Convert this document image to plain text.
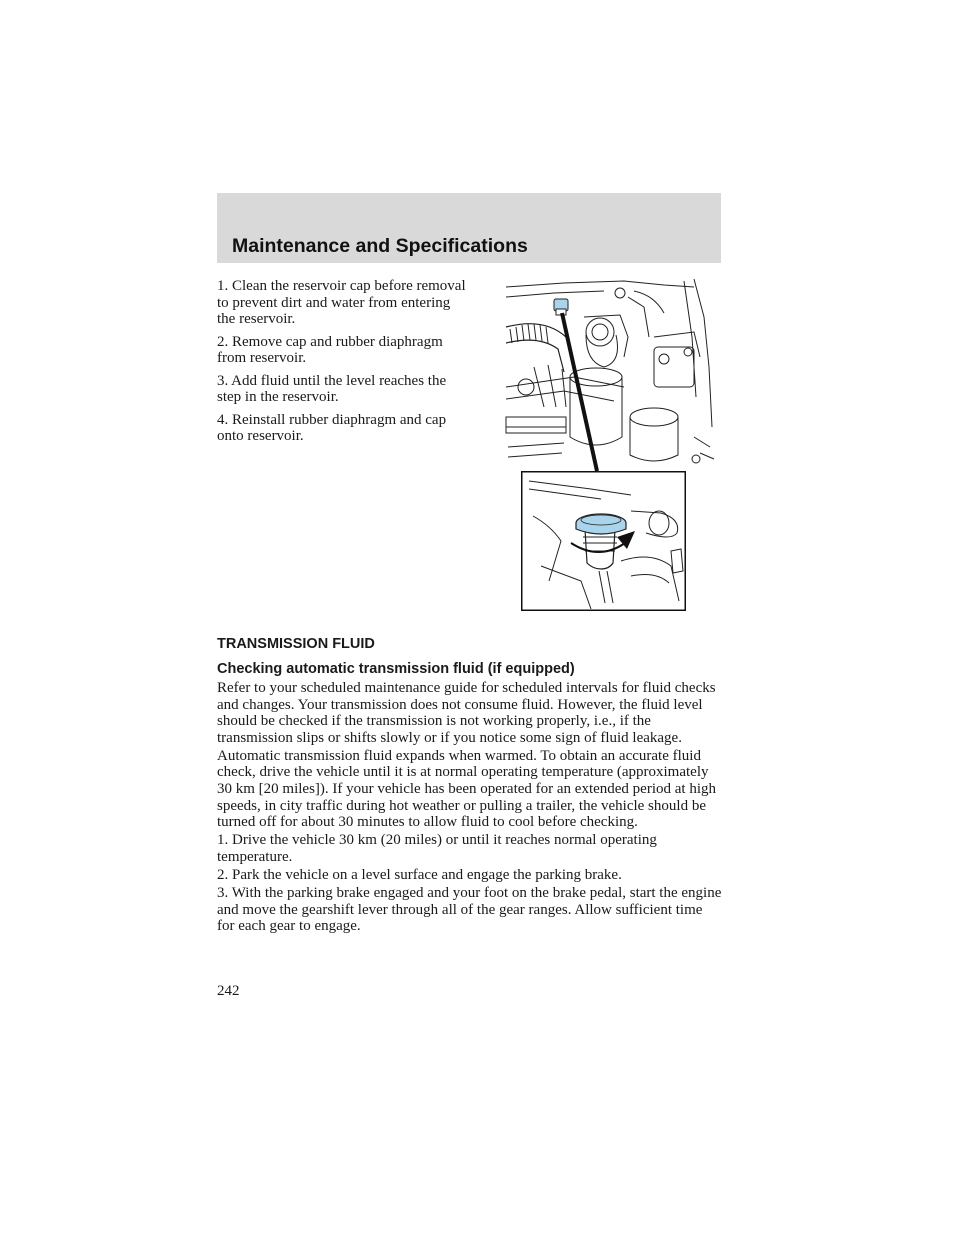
Maintenance and Specifications

1. Clean the reservoir cap before removal to prevent dirt and water from entering the reservoir.

2. Remove cap and rubber diaphragm from reservoir.

3. Add fluid until the level reaches the step in the reservoir.

4. Reinstall rubber diaphragm and cap onto reservoir.

TRANSMISSION FLUID
Checking automatic transmission fluid (if equipped)

Refer to your scheduled maintenance guide for scheduled intervals for fluid checks and changes. Your transmission does not consume fluid. However, the fluid level should be checked if the transmission is not working properly, i.e., if the transmission slips or shifts slowly or if you notice some sign of fluid leakage.

Automatic transmission fluid expands when warmed. To obtain an accurate fluid check, drive the vehicle until it is at normal operating temperature (approximately 30 km [20 miles]). If your vehicle has been operated for an extended period at high speeds, in city traffic during hot weather or pulling a trailer, the vehicle should be turned off for about 30 minutes to allow fluid to cool before checking.

1. Drive the vehicle 30 km (20 miles) or until it reaches normal operating temperature.

2. Park the vehicle on a level surface and engage the parking brake.

3. With the parking brake engaged and your foot on the brake pedal, start the engine and move the gearshift lever through all of the gear ranges. Allow sufficient time for each gear to engage.

242
